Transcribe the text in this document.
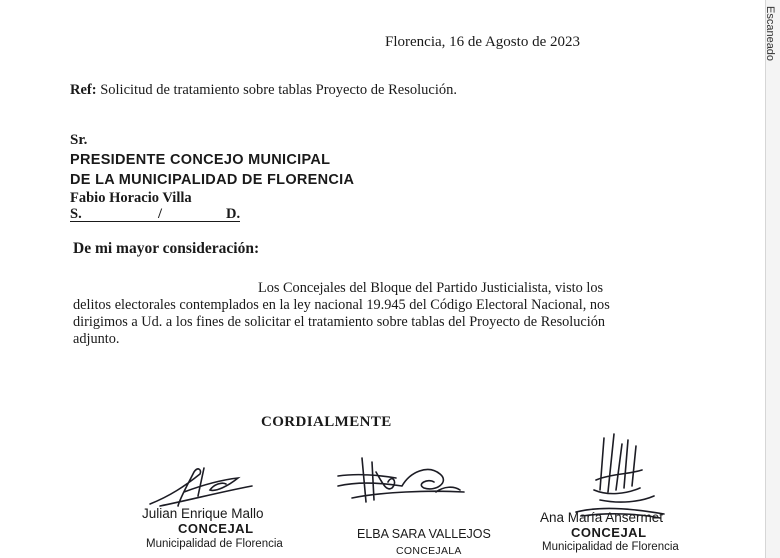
Florencia, 16 de Agosto de 2023
Ref: Solicitud de tratamiento sobre tablas Proyecto de Resolución.
Sr.
PRESIDENTE CONCEJO MUNICIPAL
DE LA MUNICIPALIDAD DE FLORENCIA
Fabio Horacio Villa
S.	/	D.
De mi mayor consideración:
Los Concejales del Bloque del Partido Justicialista, visto los
delitos electorales contemplados en la ley nacional 19.945 del Código Electoral Nacional, nos
dirigimos a Ud. a los fines de solicitar el tratamiento sobre tablas del Proyecto de Resolución
adjunto.
CORDIALMENTE
Julian Enrique Mallo
CONCEJAL
Municipalidad de Florencia
ELBA SARA VALLEJOS
CONCEJALA
Ana María Ansermet
CONCEJAL
Municipalidad de Florencia
